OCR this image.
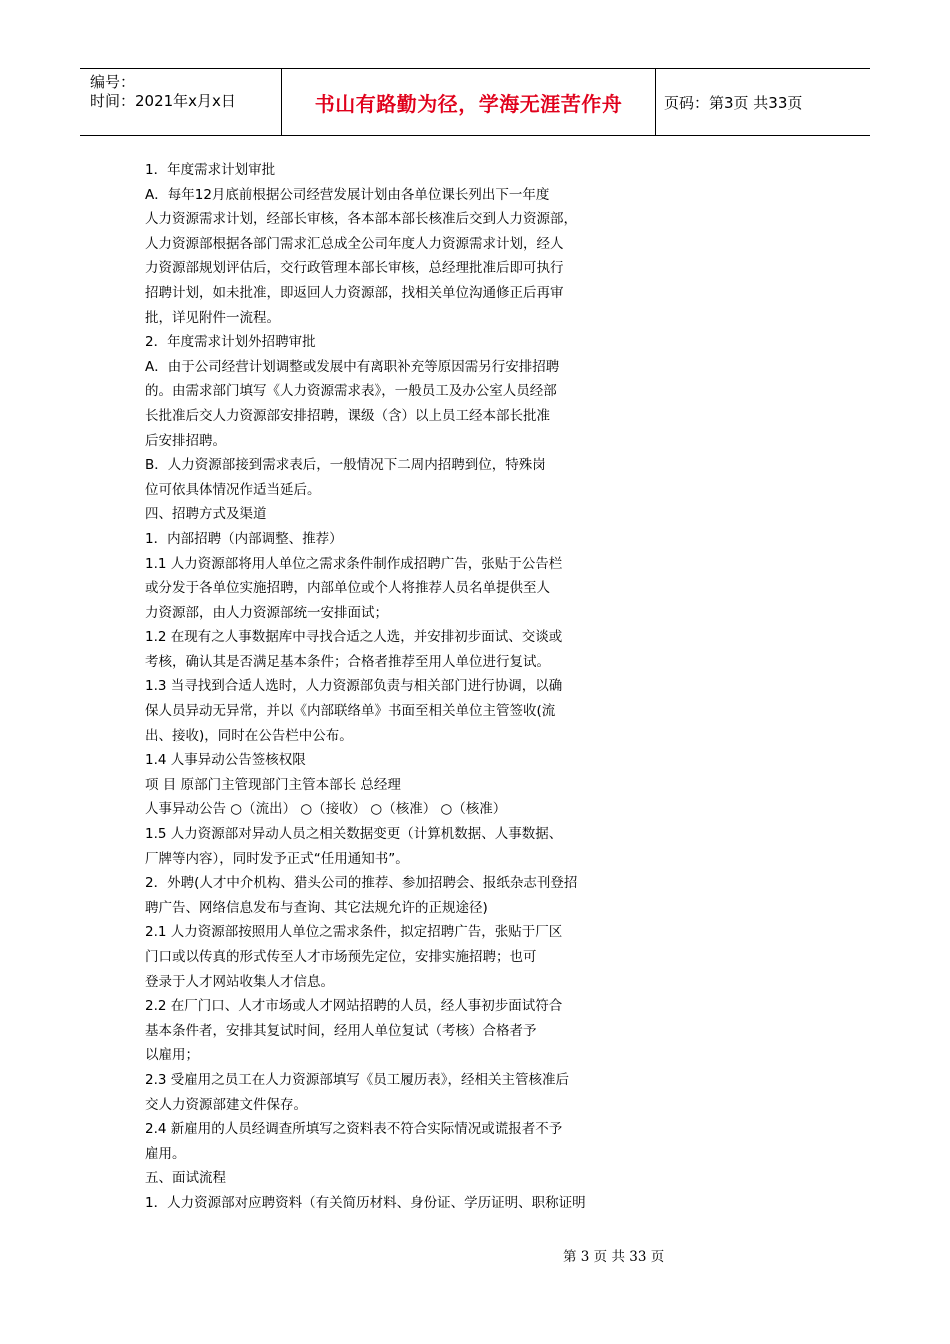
编号：
时间：2021年x月x日	书山有路勤为径，学海无涯苦作舟	页码：第3页 共33页
1．年度需求计划审批
A．每年12月底前根据公司经营发展计划由各单位课长列出下一年度
人力资源需求计划，经部长审核，各本部本部长核准后交到人力资源部，
人力资源部根据各部门需求汇总成全公司年度人力资源需求计划，经人
力资源部规划评估后，交行政管理本部长审核，总经理批准后即可执行
招聘计划，如未批准，即返回人力资源部，找相关单位沟通修正后再审
批，详见附件一流程。
2．年度需求计划外招聘审批
A．由于公司经营计划调整或发展中有离职补充等原因需另行安排招聘
的。由需求部门填写《人力资源需求表》，一般员工及办公室人员经部
长批准后交人力资源部安排招聘，课级（含）以上员工经本部长批准
后安排招聘。
B．人力资源部接到需求表后，一般情况下二周内招聘到位，特殊岗
位可依具体情况作适当延后。
四、招聘方式及渠道
1．内部招聘（内部调整、推荐）
1.1 人力资源部将用人单位之需求条件制作成招聘广告，张贴于公告栏
或分发于各单位实施招聘，内部单位或个人将推荐人员名单提供至人
力资源部，由人力资源部统一安排面试；
1.2 在现有之人事数据库中寻找合适之人选，并安排初步面试、交谈或
考核，确认其是否满足基本条件；合格者推荐至用人单位进行复试。
1.3 当寻找到合适人选时，人力资源部负责与相关部门进行协调，以确
保人员异动无异常，并以《内部联络单》书面至相关单位主管签收(流
出、接收)，同时在公告栏中公布。
1.4 人事异动公告签核权限
项 目 原部门主管现部门主管本部长 总经理
人事异动公告 ○（流出） ○（接收） ○（核准） ○（核准）
1.5 人力资源部对异动人员之相关数据变更（计算机数据、人事数据、
厂牌等内容），同时发予正式“任用通知书”。
2．外聘(人才中介机构、猎头公司的推荐、参加招聘会、报纸杂志刊登招
聘广告、网络信息发布与查询、其它法规允许的正规途径)
2.1 人力资源部按照用人单位之需求条件，拟定招聘广告，张贴于厂区
门口或以传真的形式传至人才市场预先定位，安排实施招聘；也可
登录于人才网站收集人才信息。
2.2 在厂门口、人才市场或人才网站招聘的人员，经人事初步面试符合
基本条件者，安排其复试时间，经用人单位复试（考核）合格者予
以雇用；
2.3 受雇用之员工在人力资源部填写《员工履历表》，经相关主管核准后
交人力资源部建文件保存。
2.4 新雇用的人员经调查所填写之资料表不符合实际情况或谎报者不予
雇用。
五、面试流程
1．人力资源部对应聘资料（有关简历材料、身份证、学历证明、职称证明
第 3 页 共 33 页
